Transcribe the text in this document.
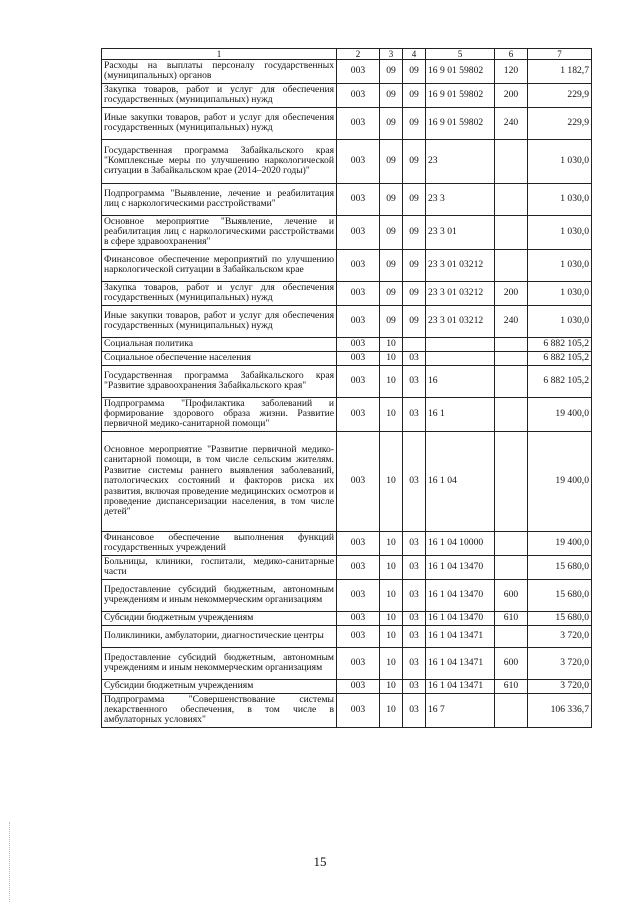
1	2	3	4	5	6	7
Расходы на выплаты персоналу государственных (муниципальных) органов	003	09	09	16 9 01 59802	120	1 182,7
Закупка товаров, работ и услуг для обеспечения государственных (муниципальных) нужд	003	09	09	16 9 01 59802	200	229,9
Иные закупки товаров, работ и услуг для обеспечения государственных (муниципальных) нужд	003	09	09	16 9 01 59802	240	229,9
Государственная программа Забайкальского края "Комплексные меры по улучшению наркологической ситуации в Забайкальском крае (2014–2020 годы)"	003	09	09	23		1 030,0
Подпрограмма "Выявление, лечение и реабилитация лиц с наркологическими расстройствами"	003	09	09	23 3		1 030,0
Основное мероприятие "Выявление, лечение и реабилитация лиц с наркологическими расстройствами в сфере здравоохранения"	003	09	09	23 3 01		1 030,0
Финансовое обеспечение мероприятий по улучшению наркологической ситуации в Забайкальском крае	003	09	09	23 3 01 03212		1 030,0
Закупка товаров, работ и услуг для обеспечения государственных (муниципальных) нужд	003	09	09	23 3 01 03212	200	1 030,0
Иные закупки товаров, работ и услуг для обеспечения государственных (муниципальных) нужд	003	09	09	23 3 01 03212	240	1 030,0
Социальная политика	003	10				6 882 105,2
Социальное обеспечение населения	003	10	03			6 882 105,2
Государственная программа Забайкальского края "Развитие здравоохранения Забайкальского края"	003	10	03	16		6 882 105,2
Подпрограмма "Профилактика заболеваний и формирование здорового образа жизни. Развитие первичной медико-санитарной помощи"	003	10	03	16 1		19 400,0
Основное мероприятие "Развитие первичной медико-санитарной помощи, в том числе сельским жителям. Развитие системы раннего выявления заболеваний, патологических состояний и факторов риска их развития, включая проведение медицинских осмотров и проведение диспансеризации населения, в том числе детей"	003	10	03	16 1 04		19 400,0
Финансовое обеспечение выполнения функций государственных учреждений	003	10	03	16 1 04 10000		19 400,0
Больницы, клиники, госпитали, медико-санитарные части	003	10	03	16 1 04 13470		15 680,0
Предоставление субсидий бюджетным, автономным учреждениям и иным некоммерческим организациям	003	10	03	16 1 04 13470	600	15 680,0
Субсидии бюджетным учреждениям	003	10	03	16 1 04 13470	610	15 680,0
Поликлиники, амбулатории, диагностические центры	003	10	03	16 1 04 13471		3 720,0
Предоставление субсидий бюджетным, автономным учреждениям и иным некоммерческим организациям	003	10	03	16 1 04 13471	600	3 720,0
Субсидии бюджетным учреждениям	003	10	03	16 1 04 13471	610	3 720,0
Подпрограмма "Совершенствование системы лекарственного обеспечения, в том числе в амбулаторных условиях"	003	10	03	16 7		106 336,7
15
